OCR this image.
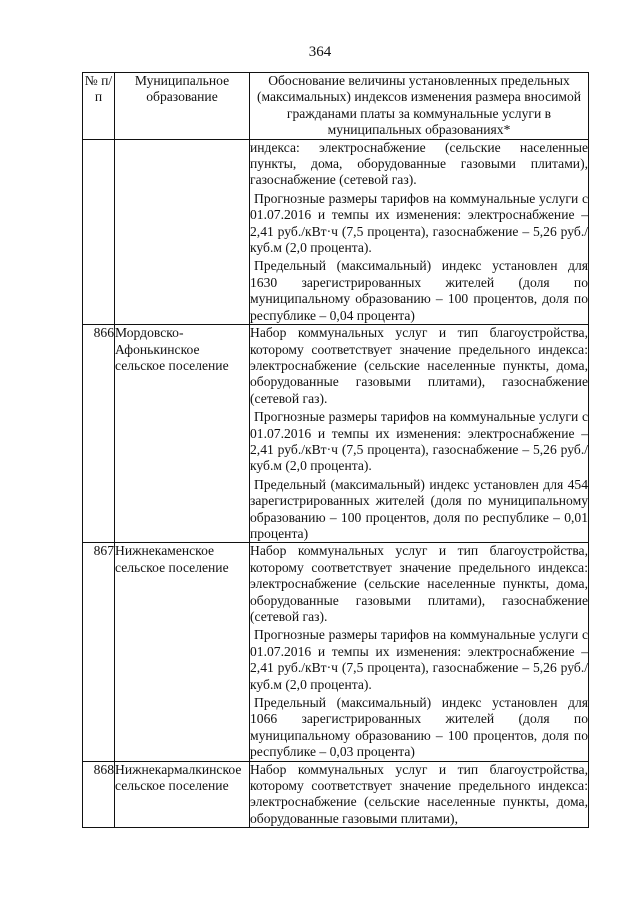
364
№ п/п	Муниципальное образование	Обоснование величины установленных предельных (максимальных) индексов изменения размера вносимой гражданами платы за коммунальные услуги в муниципальных образованиях*

		индекса: электроснабжение (сельские населенные пункты, дома, оборудованные газовыми плитами), газоснабжение (сетевой газ).

Прогнозные размеры тарифов на коммунальные услуги с 01.07.2016 и темпы их изменения: электроснабжение – 2,41 руб./кВт·ч (7,5 процента), газоснабжение – 5,26 руб./куб.м (2,0 процента).

Предельный (максимальный) индекс установлен для 1630 зарегистрированных жителей (доля по муниципальному образованию – 100 процентов, доля по республике – 0,04 процента)

866	Мордовско-Афонькинское сельское поселение	Набор коммунальных услуг и тип благоустройства, которому соответствует значение предельного индекса: электроснабжение (сельские населенные пункты, дома, оборудованные газовыми плитами), газоснабжение (сетевой газ).

Прогнозные размеры тарифов на коммунальные услуги с 01.07.2016 и темпы их изменения: электроснабжение – 2,41 руб./кВт·ч (7,5 процента), газоснабжение – 5,26 руб./куб.м (2,0 процента).

Предельный (максимальный) индекс установлен для 454 зарегистрированных жителей (доля по муниципальному образованию – 100 процентов, доля по республике – 0,01 процента)

867	Нижнекаменское сельское поселение	Набор коммунальных услуг и тип благоустройства, которому соответствует значение предельного индекса: электроснабжение (сельские населенные пункты, дома, оборудованные газовыми плитами), газоснабжение (сетевой газ).

Прогнозные размеры тарифов на коммунальные услуги с 01.07.2016 и темпы их изменения: электроснабжение – 2,41 руб./кВт·ч (7,5 процента), газоснабжение – 5,26 руб./куб.м (2,0 процента).

Предельный (максимальный) индекс установлен для 1066 зарегистрированных жителей (доля по муниципальному образованию – 100 процентов, доля по республике – 0,03 процента)

868	Нижнекармалкинское сельское поселение	Набор коммунальных услуг и тип благоустройства, которому соответствует значение предельного индекса: электроснабжение (сельские населенные пункты, дома, оборудованные газовыми плитами),
